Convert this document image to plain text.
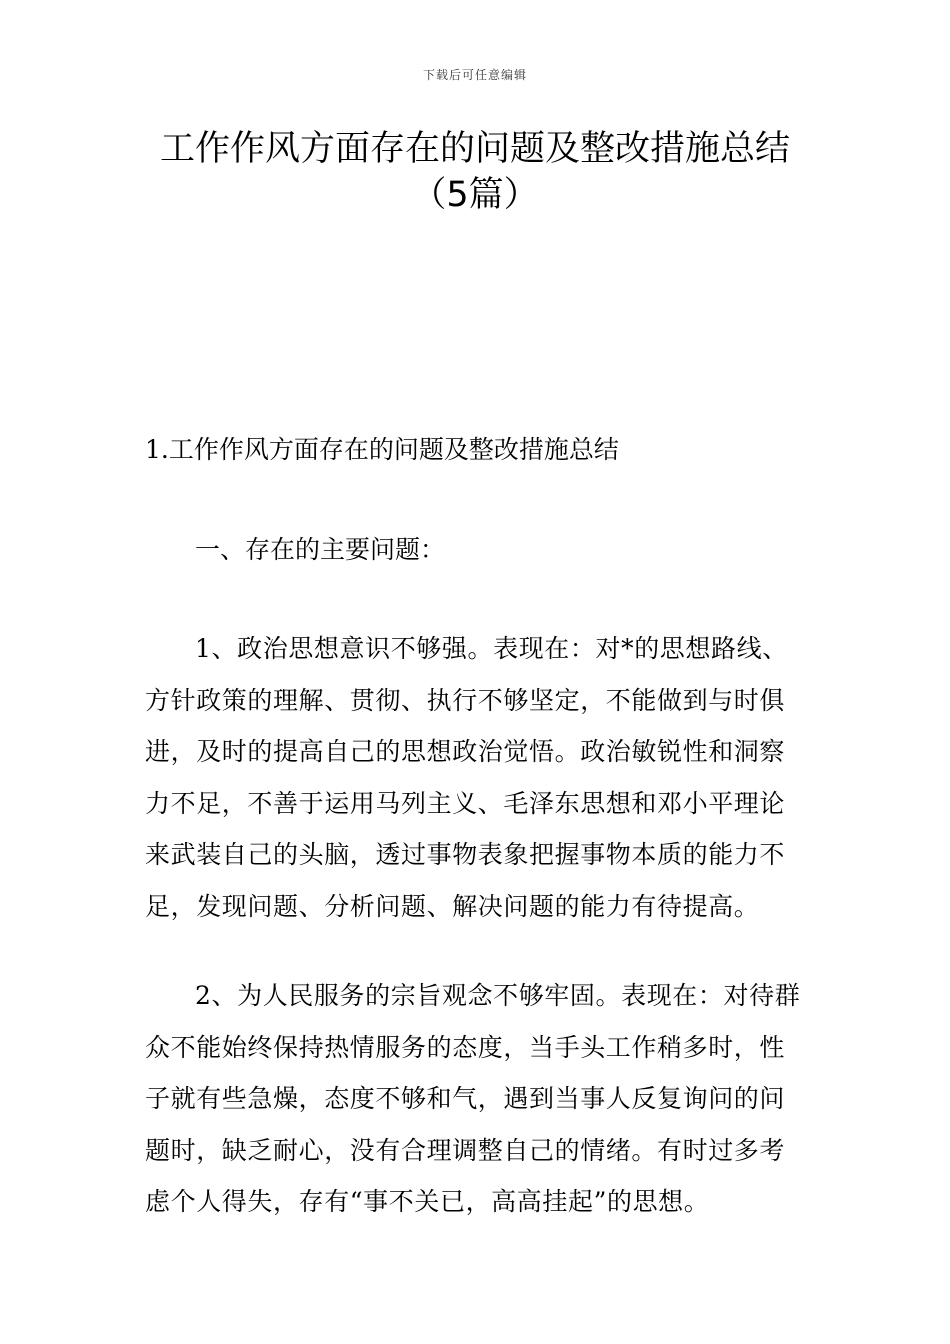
下载后可任意编辑
工作作风方面存在的问题及整改措施总结
（5篇）
1.工作作风方面存在的问题及整改措施总结
一、存在的主要问题：
1、政治思想意识不够强。表现在：对*的思想路线、方针政策的理解、贯彻、执行不够坚定，不能做到与时俱进，及时的提高自己的思想政治觉悟。政治敏锐性和洞察力不足，不善于运用马列主义、毛泽东思想和邓小平理论来武装自己的头脑，透过事物表象把握事物本质的能力不足，发现问题、分析问题、解决问题的能力有待提高。
2、为人民服务的宗旨观念不够牢固。表现在：对待群众不能始终保持热情服务的态度，当手头工作稍多时，性子就有些急燥，态度不够和气，遇到当事人反复询问的问题时，缺乏耐心，没有合理调整自己的情绪。有时过多考虑个人得失，存有“事不关已，高高挂起”的思想。
